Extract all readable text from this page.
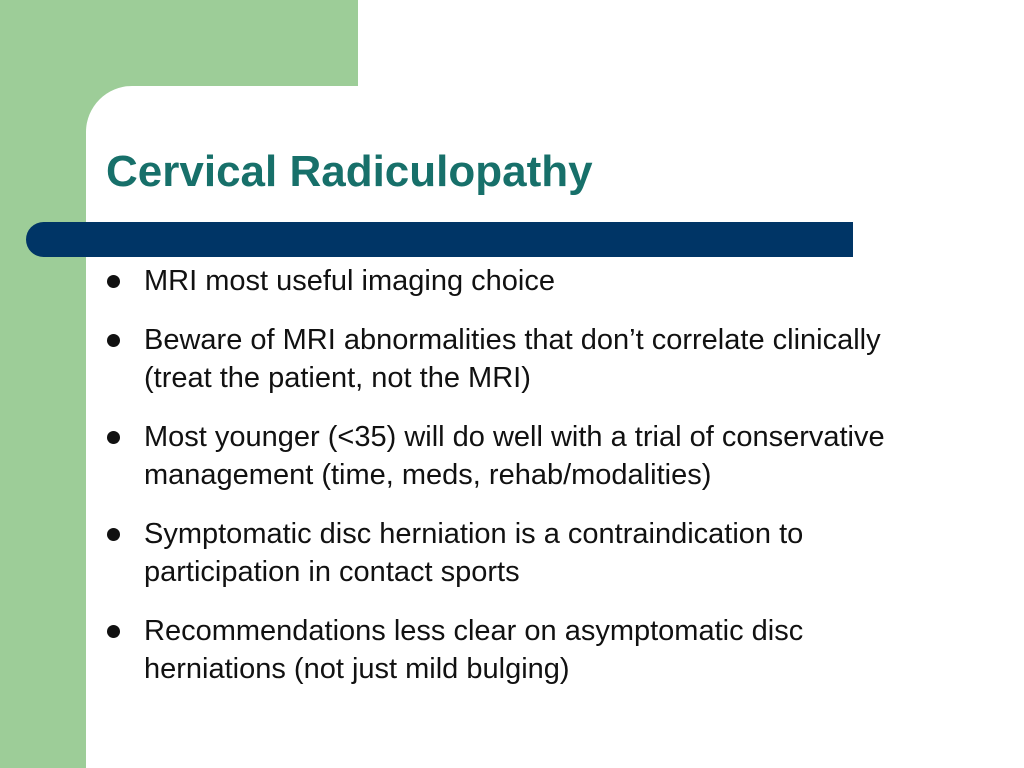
Cervical Radiculopathy
MRI most useful imaging choice
Beware of MRI abnormalities that don’t correlate clinically (treat the patient, not the MRI)
Most younger (<35) will do well with a trial of conservative management (time, meds, rehab/modalities)
Symptomatic disc herniation is a contraindication to participation in contact sports
Recommendations less clear on asymptomatic disc herniations (not just mild bulging)
